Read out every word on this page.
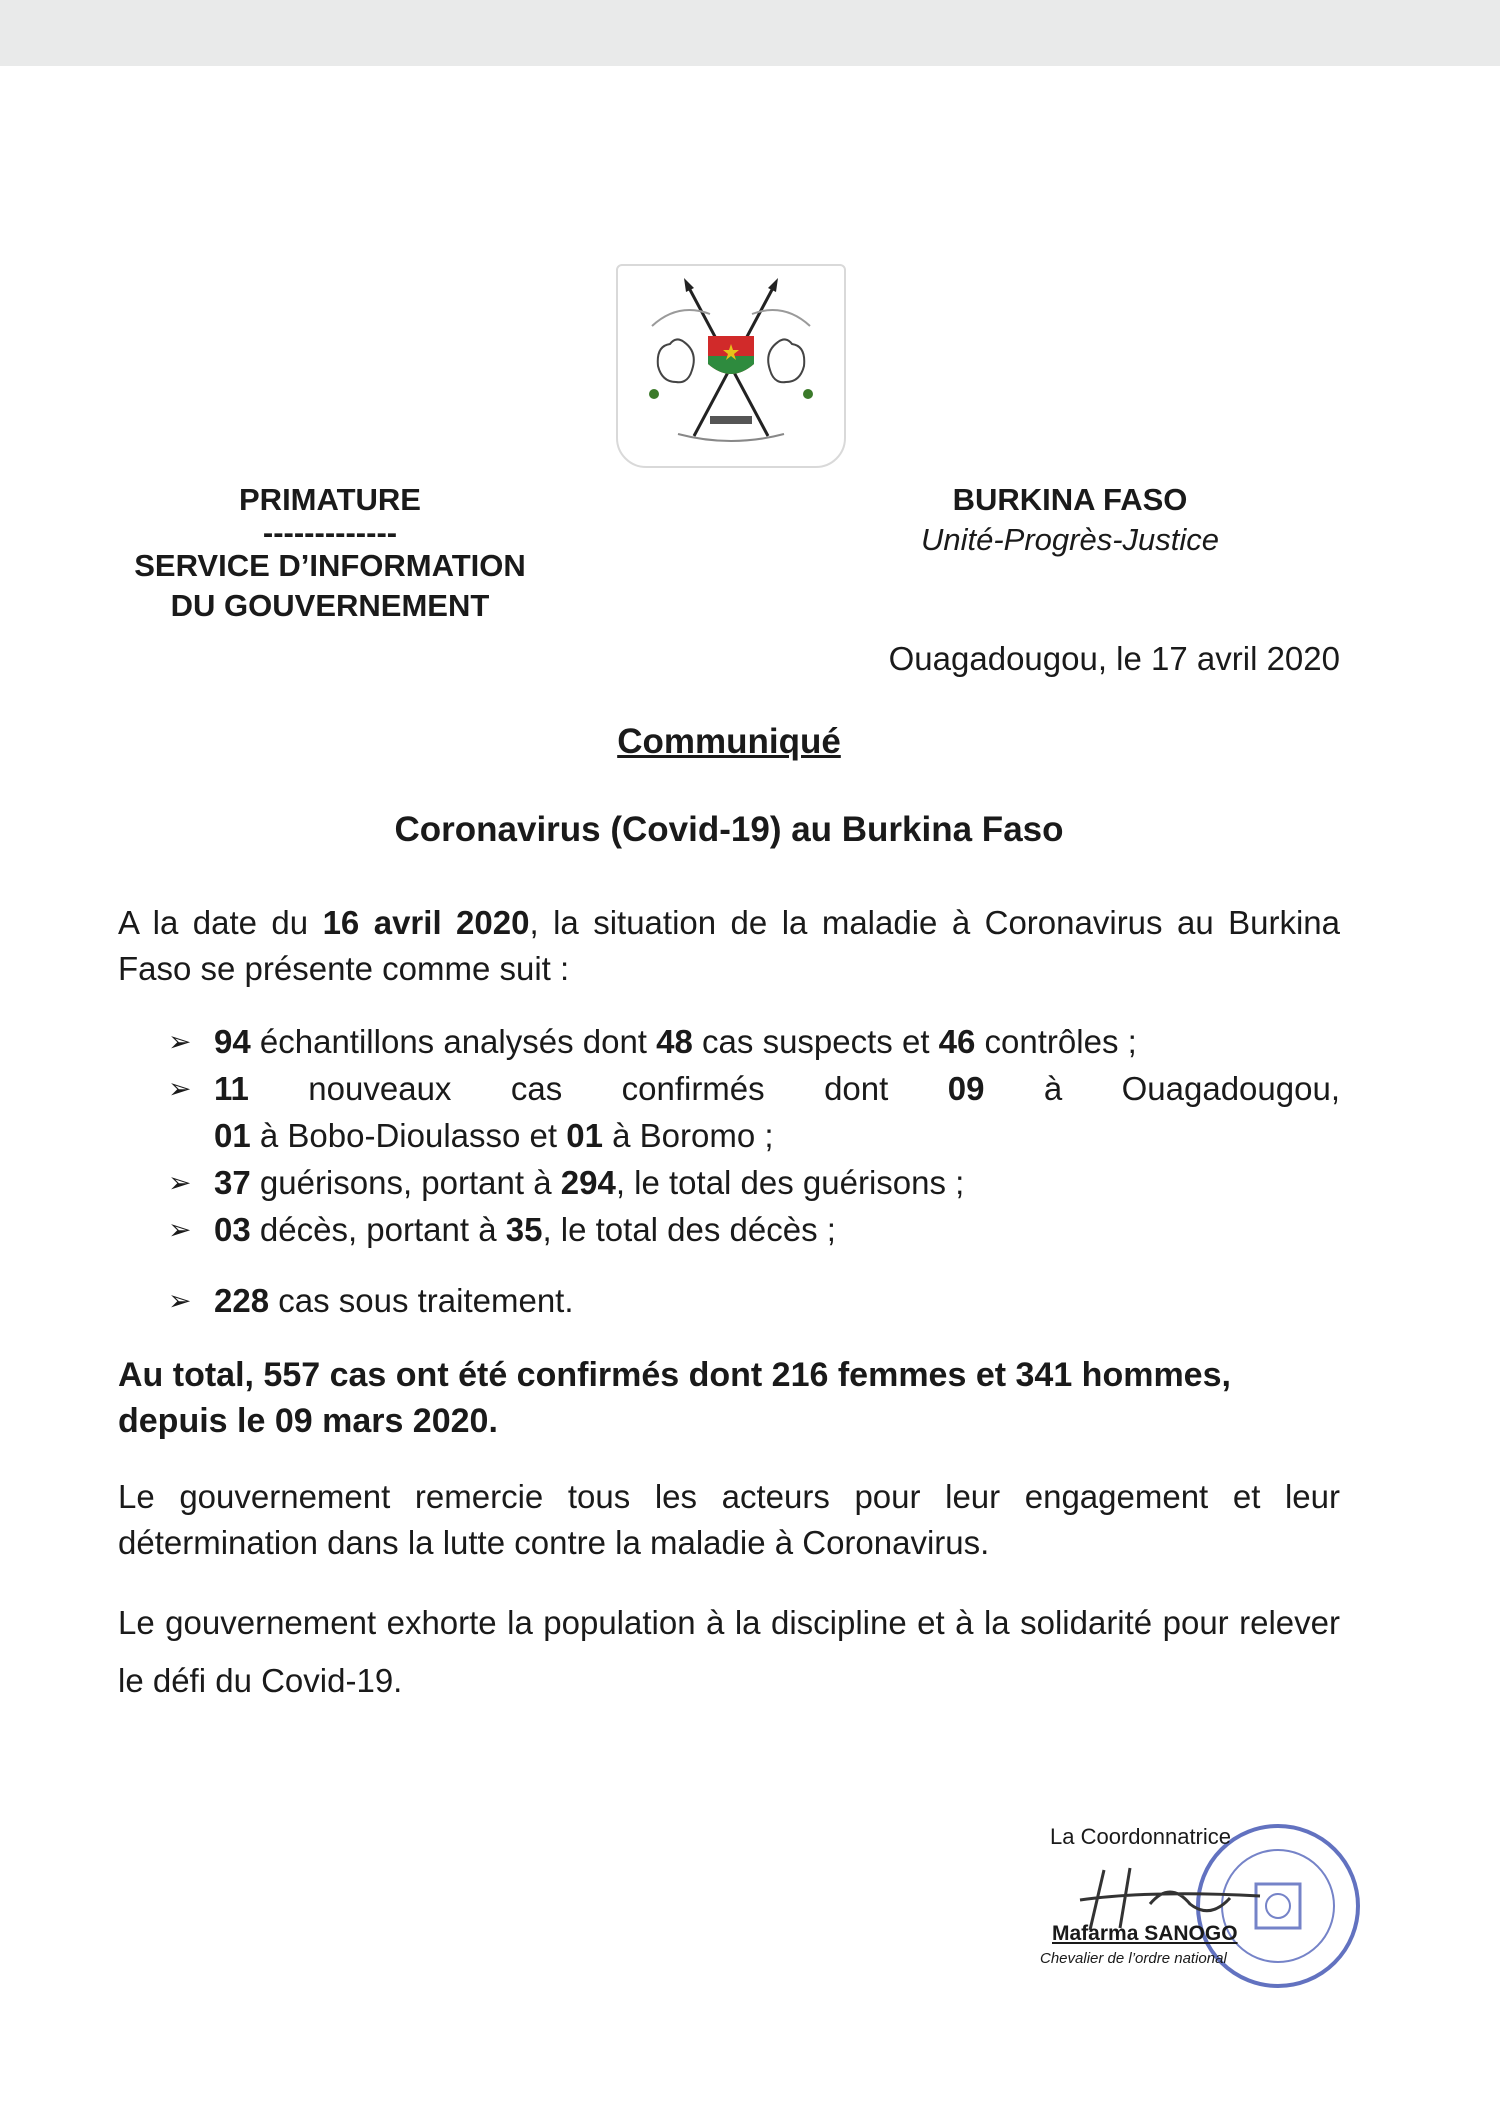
PRIMATURE
-------------
SERVICE D’INFORMATION
DU GOUVERNEMENT
BURKINA FASO
Unité-Progrès-Justice
Ouagadougou, le 17 avril 2020
Communiqué
Coronavirus (Covid-19) au Burkina Faso
A la date du 16 avril 2020, la situation de la maladie à Coronavirus au Burkina Faso se présente comme suit :
➢ 94 échantillons analysés dont 48 cas suspects et 46 contrôles ;
➢ 11 nouveaux cas confirmés dont 09 à Ouagadougou,
01 à Bobo-Dioulasso et 01 à Boromo ;
➢ 37 guérisons, portant à 294, le total des guérisons ;
➢ 03 décès, portant à 35, le total des décès ;
➢ 228 cas sous traitement.
Au total, 557 cas ont été confirmés dont 216 femmes et 341 hommes, depuis le 09 mars 2020.
Le gouvernement remercie tous les acteurs pour leur engagement et leur détermination dans la lutte contre la maladie à Coronavirus.
Le gouvernement exhorte la population à la discipline et à la solidarité pour relever le défi du Covid-19.
La Coordonnatrice
Mafarma SANOGO
Chevalier de l’ordre national
